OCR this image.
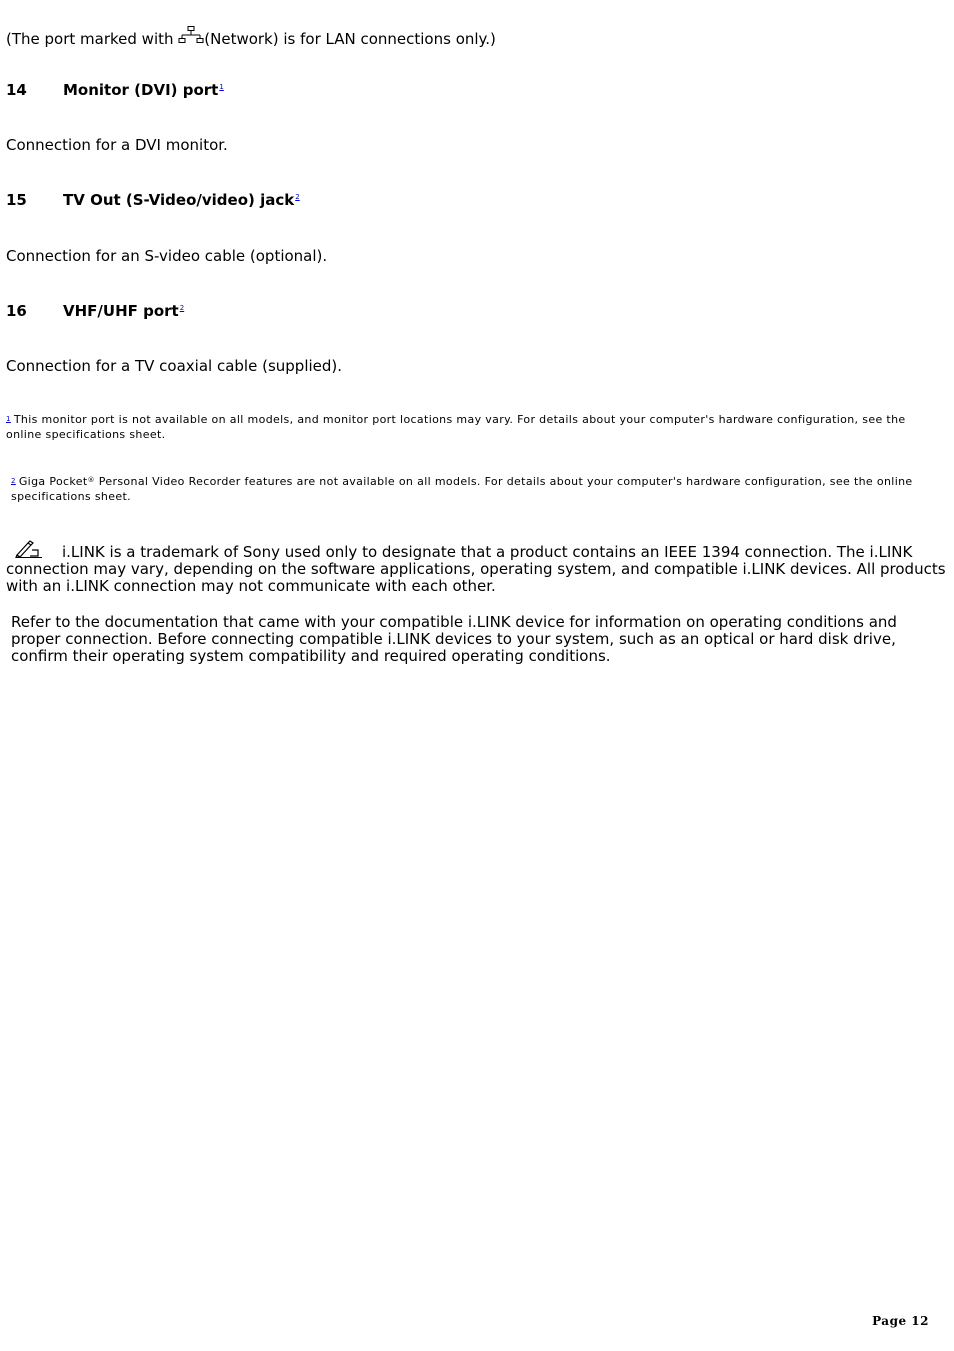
(The port marked with (Network) is for LAN connections only.)
14 Monitor (DVI) port$^1$
Connection for a DVI monitor.
15 TV Out (S-Video/video) jack$^2$
Connection for an S-video cable (optional).
16 VHF/UHF port$^2$
Connection for a TV coaxial cable (supplied).
1 This monitor port is not available on all models, and monitor port locations may vary. For details about your computer's hardware configuration, see the online specifications sheet.
2 Giga Pocket® Personal Video Recorder features are not available on all models. For details about your computer's hardware configuration, see the online specifications sheet.
i.LINK is a trademark of Sony used only to designate that a product contains an IEEE 1394 connection. The i.LINK connection may vary, depending on the software applications, operating system, and compatible i.LINK devices. All products with an i.LINK connection may not communicate with each other.
Refer to the documentation that came with your compatible i.LINK device for information on operating conditions and proper connection. Before connecting compatible i.LINK devices to your system, such as an optical or hard disk drive, confirm their operating system compatibility and required operating conditions.
Page 12
